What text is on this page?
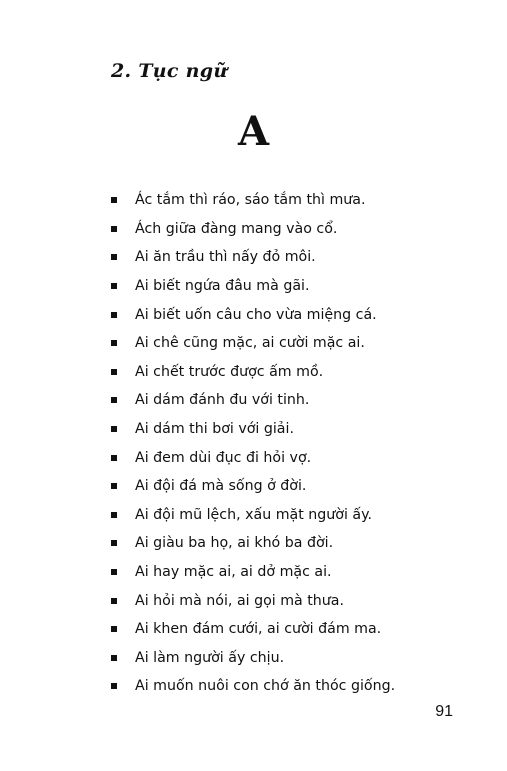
2. Tục ngữ
A
Ác tắm thì ráo, sáo tắm thì mưa.
Ách giữa đàng mang vào cổ.
Ai ăn trầu thì nấy đỏ môi.
Ai biết ngứa đâu mà gãi.
Ai biết uốn câu cho vừa miệng cá.
Ai chê cũng mặc, ai cười mặc ai.
Ai chết trước được ấm mồ.
Ai dám đánh đu với tinh.
Ai dám thi bơi với giải.
Ai đem dùi đục đi hỏi vợ.
Ai đội đá mà sống ở đời.
Ai đội mũ lệch, xấu mặt người ấy.
Ai giàu ba họ, ai khó ba đời.
Ai hay mặc ai, ai dở mặc ai.
Ai hỏi mà nói, ai gọi mà thưa.
Ai khen đám cưới, ai cười đám ma.
Ai làm người ấy chịu.
Ai muốn nuôi con chớ ăn thóc giống.
91
